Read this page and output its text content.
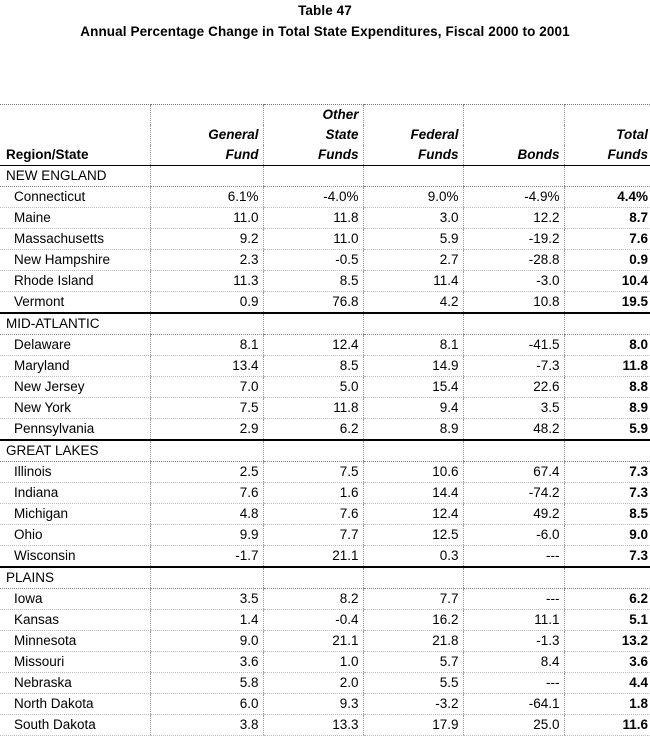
Table 47
Annual Percentage Change in Total State Expenditures, Fiscal 2000 to 2001
		Other			
	General	State	Federal		Total
Region/State	Fund	Funds	Funds	Bonds	Funds
NEW ENGLAND					
Connecticut	6.1%	-4.0%	9.0%	-4.9%	4.4%
Maine	11.0	11.8	3.0	12.2	8.7
Massachusetts	9.2	11.0	5.9	-19.2	7.6
New Hampshire	2.3	-0.5	2.7	-28.8	0.9
Rhode Island	11.3	8.5	11.4	-3.0	10.4
Vermont	0.9	76.8	4.2	10.8	19.5
MID-ATLANTIC					
Delaware	8.1	12.4	8.1	-41.5	8.0
Maryland	13.4	8.5	14.9	-7.3	11.8
New Jersey	7.0	5.0	15.4	22.6	8.8
New York	7.5	11.8	9.4	3.5	8.9
Pennsylvania	2.9	6.2	8.9	48.2	5.9
GREAT LAKES					
Illinois	2.5	7.5	10.6	67.4	7.3
Indiana	7.6	1.6	14.4	-74.2	7.3
Michigan	4.8	7.6	12.4	49.2	8.5
Ohio	9.9	7.7	12.5	-6.0	9.0
Wisconsin	-1.7	21.1	0.3	---	7.3
PLAINS					
Iowa	3.5	8.2	7.7	---	6.2
Kansas	1.4	-0.4	16.2	11.1	5.1
Minnesota	9.0	21.1	21.8	-1.3	13.2
Missouri	3.6	1.0	5.7	8.4	3.6
Nebraska	5.8	2.0	5.5	---	4.4
North Dakota	6.0	9.3	-3.2	-64.1	1.8
South Dakota	3.8	13.3	17.9	25.0	11.6
